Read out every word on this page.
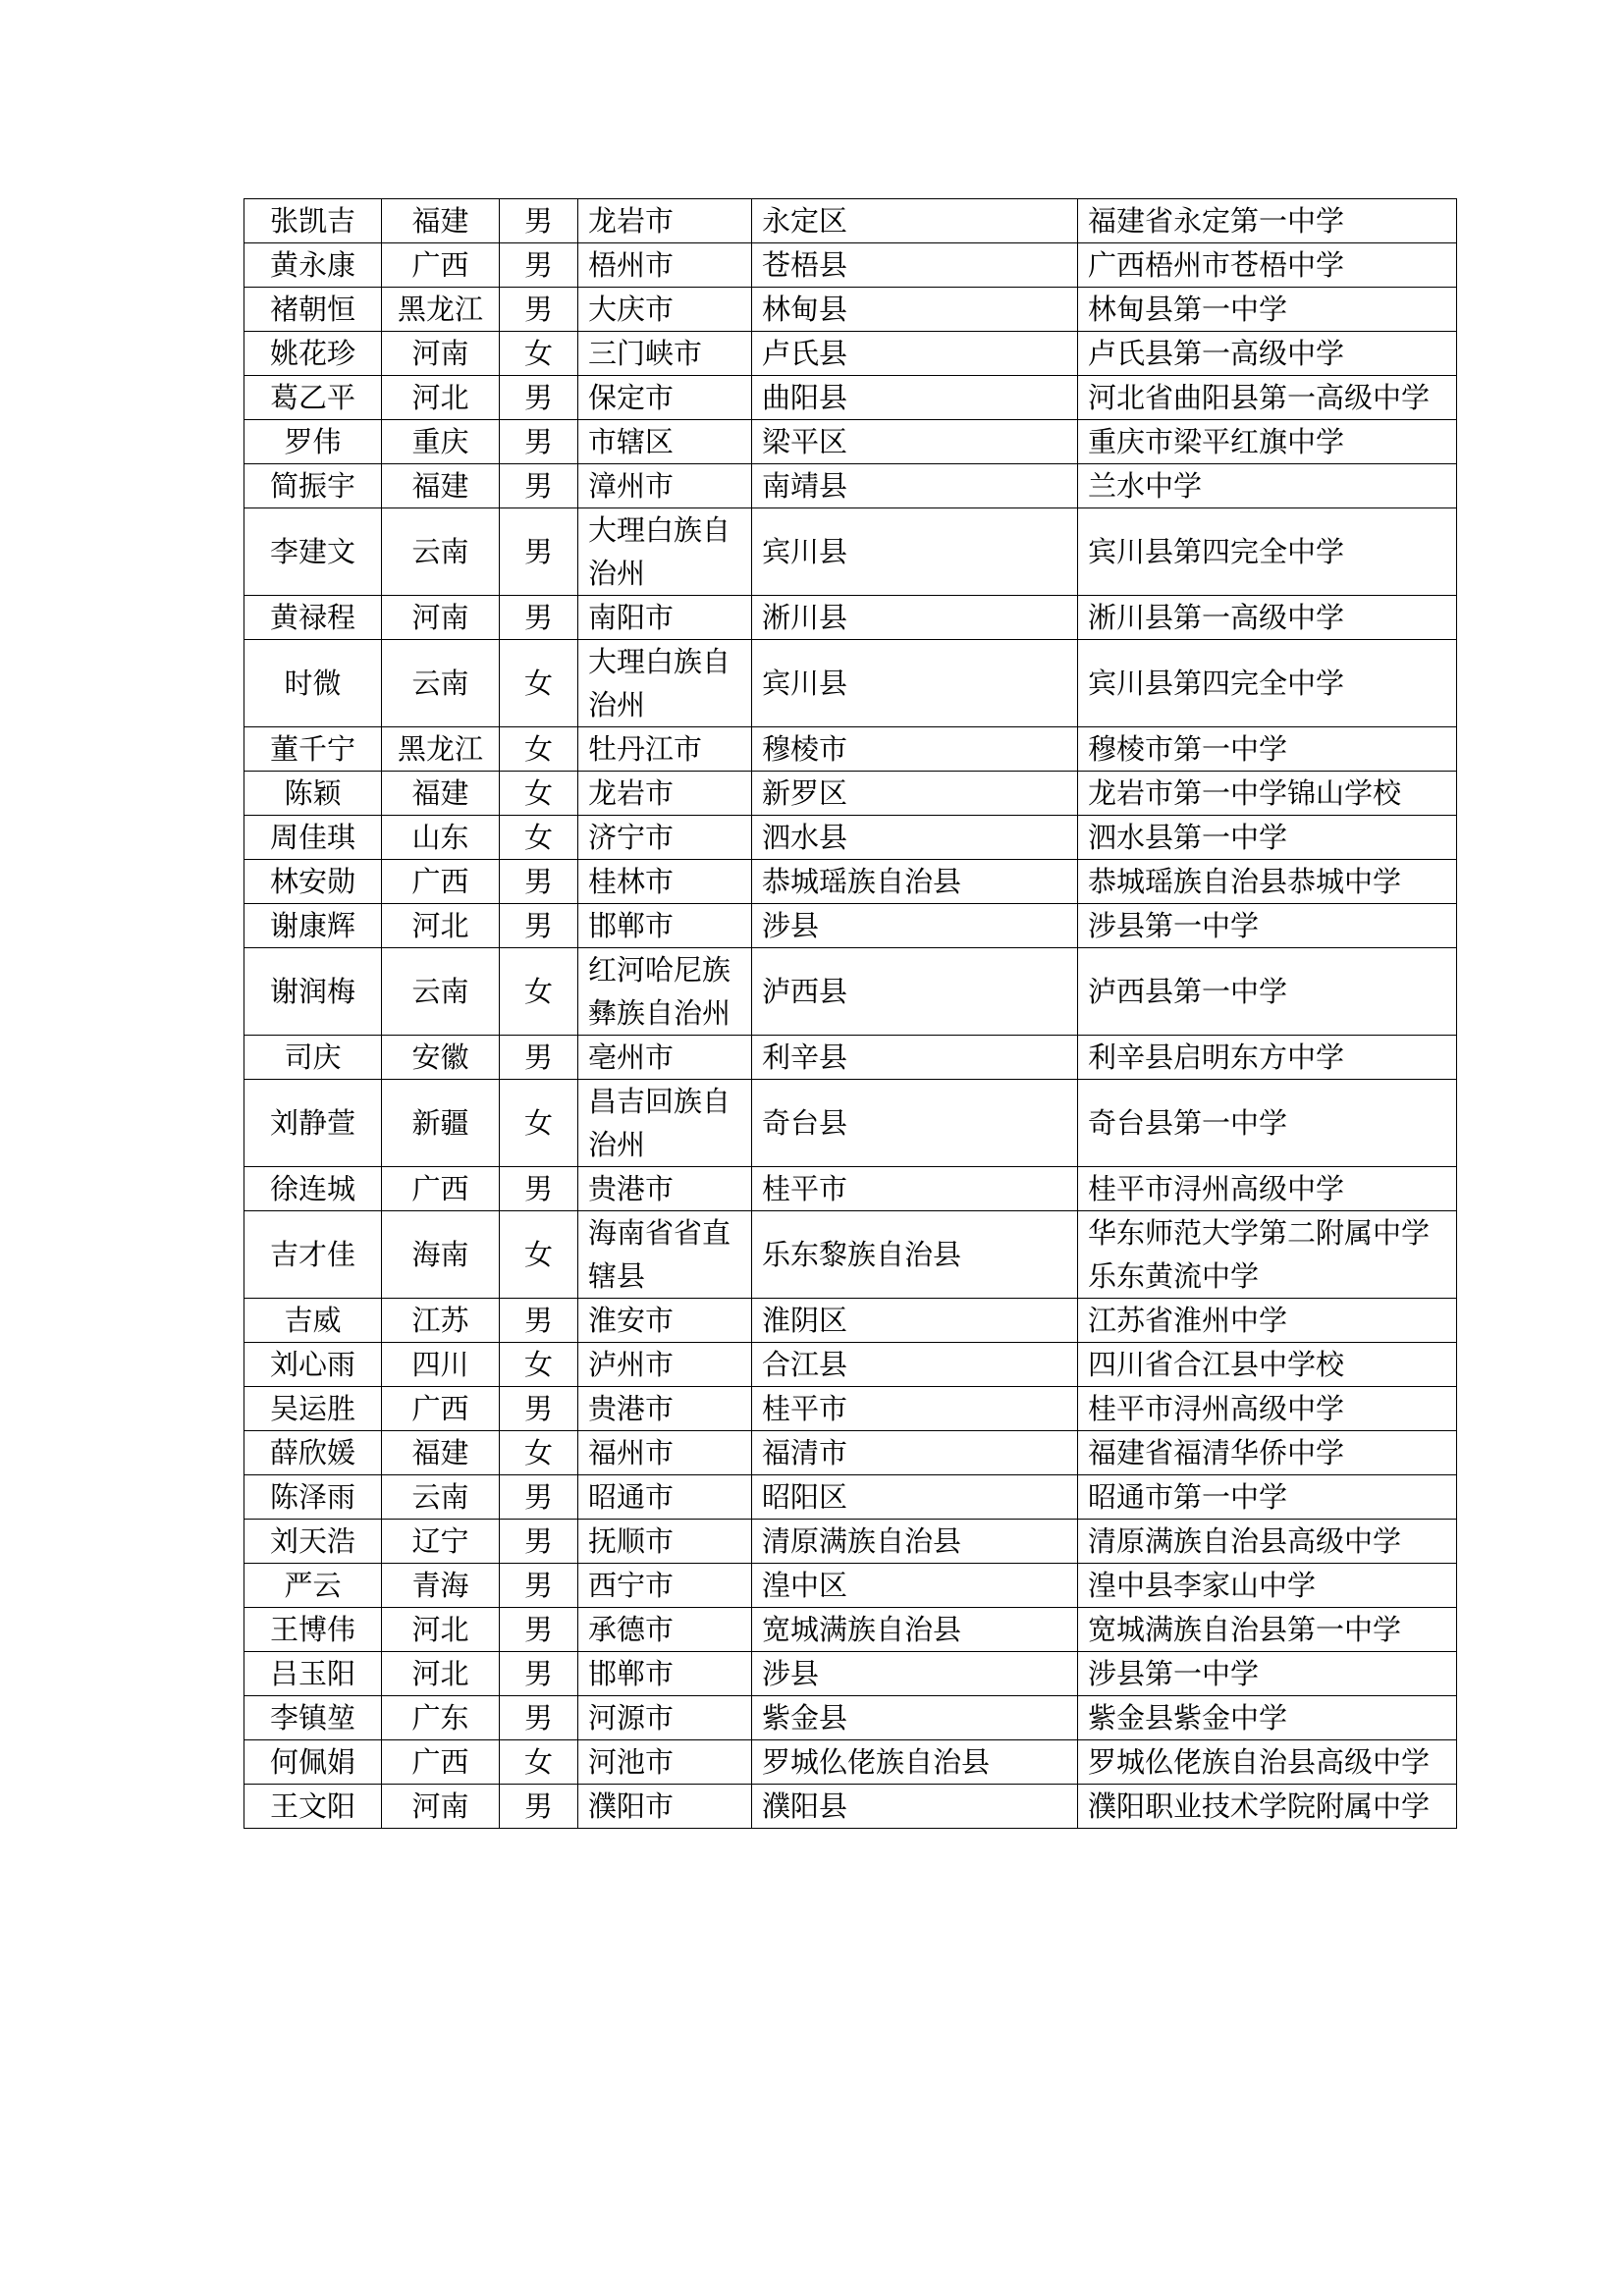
张凯吉	福建	男	龙岩市	永定区	福建省永定第一中学
黄永康	广西	男	梧州市	苍梧县	广西梧州市苍梧中学
褚朝恒	黑龙江	男	大庆市	林甸县	林甸县第一中学
姚花珍	河南	女	三门峡市	卢氏县	卢氏县第一高级中学
葛乙平	河北	男	保定市	曲阳县	河北省曲阳县第一高级中学
罗伟	重庆	男	市辖区	梁平区	重庆市梁平红旗中学
简振宇	福建	男	漳州市	南靖县	兰水中学
李建文	云南	男	大理白族自治州	宾川县	宾川县第四完全中学
黄禄程	河南	男	南阳市	淅川县	淅川县第一高级中学
时微	云南	女	大理白族自治州	宾川县	宾川县第四完全中学
董千宁	黑龙江	女	牡丹江市	穆棱市	穆棱市第一中学
陈颖	福建	女	龙岩市	新罗区	龙岩市第一中学锦山学校
周佳琪	山东	女	济宁市	泗水县	泗水县第一中学
林安勋	广西	男	桂林市	恭城瑶族自治县	恭城瑶族自治县恭城中学
谢康辉	河北	男	邯郸市	涉县	涉县第一中学
谢润梅	云南	女	红河哈尼族彝族自治州	泸西县	泸西县第一中学
司庆	安徽	男	亳州市	利辛县	利辛县启明东方中学
刘静萱	新疆	女	昌吉回族自治州	奇台县	奇台县第一中学
徐连城	广西	男	贵港市	桂平市	桂平市浔州高级中学
吉才佳	海南	女	海南省省直辖县	乐东黎族自治县	华东师范大学第二附属中学乐东黄流中学
吉威	江苏	男	淮安市	淮阴区	江苏省淮州中学
刘心雨	四川	女	泸州市	合江县	四川省合江县中学校
吴运胜	广西	男	贵港市	桂平市	桂平市浔州高级中学
薛欣媛	福建	女	福州市	福清市	福建省福清华侨中学
陈泽雨	云南	男	昭通市	昭阳区	昭通市第一中学
刘天浩	辽宁	男	抚顺市	清原满族自治县	清原满族自治县高级中学
严云	青海	男	西宁市	湟中区	湟中县李家山中学
王博伟	河北	男	承德市	宽城满族自治县	宽城满族自治县第一中学
吕玉阳	河北	男	邯郸市	涉县	涉县第一中学
李镇堃	广东	男	河源市	紫金县	紫金县紫金中学
何佩娟	广西	女	河池市	罗城仫佬族自治县	罗城仫佬族自治县高级中学
王文阳	河南	男	濮阳市	濮阳县	濮阳职业技术学院附属中学
